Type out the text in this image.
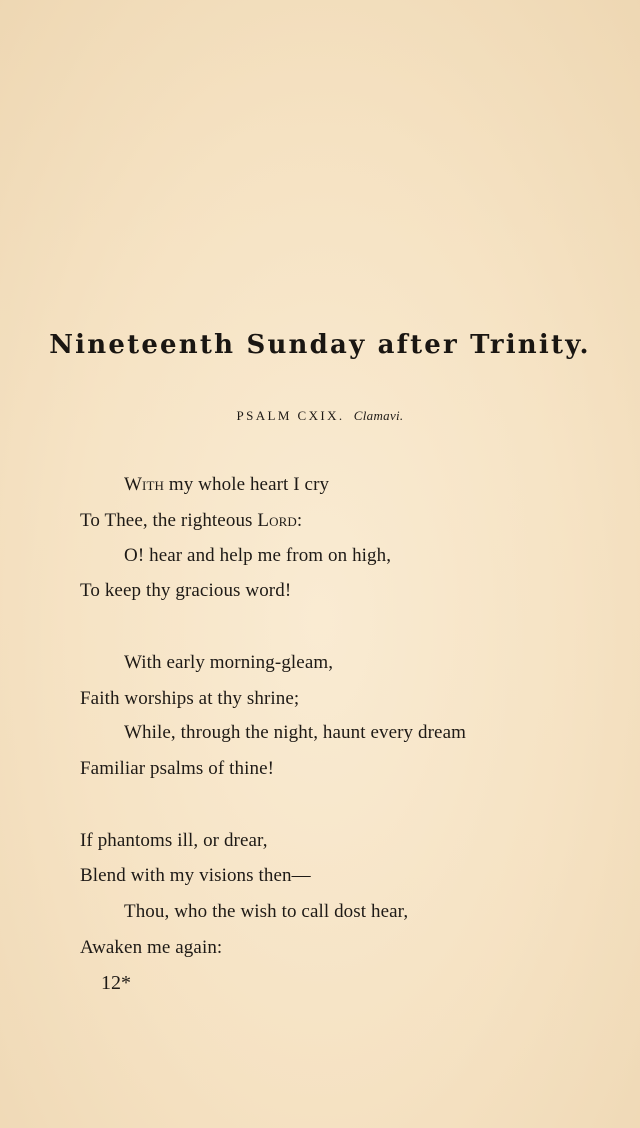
Nineteenth Sunday after Trinity.
PSALM CXIX. Clamavi.
With my whole heart I cry
To Thee, the righteous Lord:
O! hear and help me from on high,
To keep thy gracious word!
With early morning-gleam,
Faith worships at thy shrine;
While, through the night, haunt every dream
Familiar psalms of thine!
If phantoms ill, or drear,
Blend with my visions then—
Thou, who the wish to call dost hear,
Awaken me again:
12*
